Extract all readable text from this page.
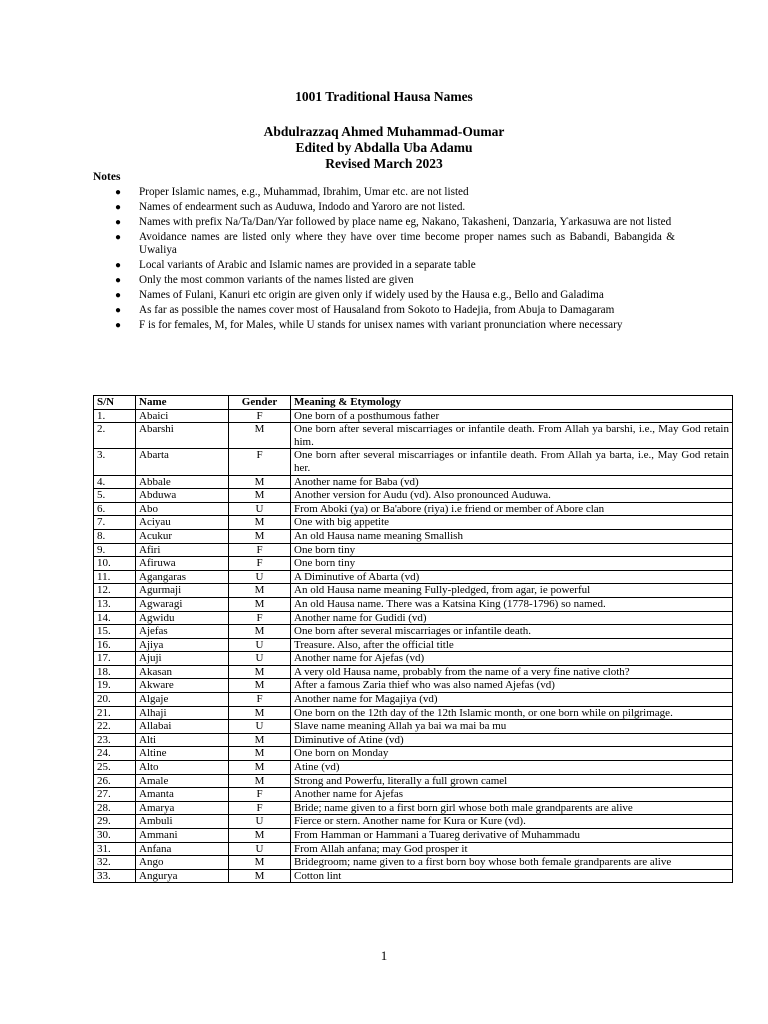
1001 Traditional Hausa Names
Abdulrazzaq Ahmed Muhammad-Oumar
Edited by Abdalla Uba Adamu
Revised March 2023
Notes
● Proper Islamic names, e.g., Muhammad, Ibrahim, Umar etc. are not listed
● Names of endearment such as Auduwa, Indodo and Yaroro are not listed.
● Names with prefix Na/Ta/Dan/Yar followed by place name eg, Nakano, Takasheni, Ɗanzaria, Ƴarkasuwa are not listed
● Avoidance names are listed only where they have over time become proper names such as Babandi, Babangida & Uwaliya
● Local variants of Arabic and Islamic names are provided in a separate table
● Only the most common variants of the names listed are given
● Names of Fulani, Kanuri etc origin are given only if widely used by the Hausa e.g., Bello and Galadima
● As far as possible the names cover most of Hausaland from Sokoto to Hadejia, from Abuja to Damagaram
● F is for females, M, for Males, while U stands for unisex names with variant pronunciation where necessary
S/N	Name	Gender	Meaning & Etymology
1.	Abaici	F	One born of a posthumous father
2.	Abarshi	M	One born after several miscarriages or infantile death. From Allah ya barshi, i.e., May God retain him.
3.	Abarta	F	One born after several miscarriages or infantile death. From Allah ya barta, i.e., May God retain her.
4.	Abbale	M	Another name for Baba (vd)
5.	Abduwa	M	Another version for Audu (vd). Also pronounced Auduwa.
6.	Abo	U	From Aboki (ya) or Ba'abore (riya) i.e friend or member of Abore clan
7.	Aciyau	M	One with big appetite
8.	Acukur	M	An old Hausa name meaning Smallish
9.	Afiri	F	One born tiny
10.	Afiruwa	F	One born tiny
11.	Agangaras	U	A Diminutive of Abarta (vd)
12.	Agurmaji	M	An old Hausa name meaning Fully-pledged, from agar, ie powerful
13.	Agwaragi	M	An old Hausa name. There was a Katsina King (1778-1796) so named.
14.	Agwidu	F	Another name for Gudidi (vd)
15.	Ajefas	M	One born after several miscarriages or infantile death.
16.	Ajiya	U	Treasure. Also, after the official title
17.	Ajuji	U	Another name for Ajefas (vd)
18.	Akasan	M	A very old Hausa name, probably from the name of a very fine native cloth?
19.	Akware	M	After a famous Zaria thief who was also named Ajefas (vd)
20.	Algaje	F	Another name for Magajiya (vd)
21.	Alhaji	M	One born on the 12th day of the 12th Islamic month, or one born while on pilgrimage.
22.	Allabai	U	Slave name meaning Allah ya bai wa mai ba mu
23.	Alti	M	Diminutive of Atine (vd)
24.	Altine	M	One born on Monday
25.	Alto	M	Atine (vd)
26.	Amale	M	Strong and Powerfu, literally a full grown camel
27.	Amanta	F	Another name for Ajefas
28.	Amarya	F	Bride; name given to a first born girl whose both male grandparents are alive
29.	Ambuli	U	Fierce or stern. Another name for Kura or Kure (vd).
30.	Ammani	M	From Hamman or Hammani a Tuareg derivative of Muhammadu
31.	Anfana	U	From Allah anfana; may God prosper it
32.	Ango	M	Bridegroom; name given to a first born boy whose both female grandparents are alive
33.	Angurya	M	Cotton lint
1
